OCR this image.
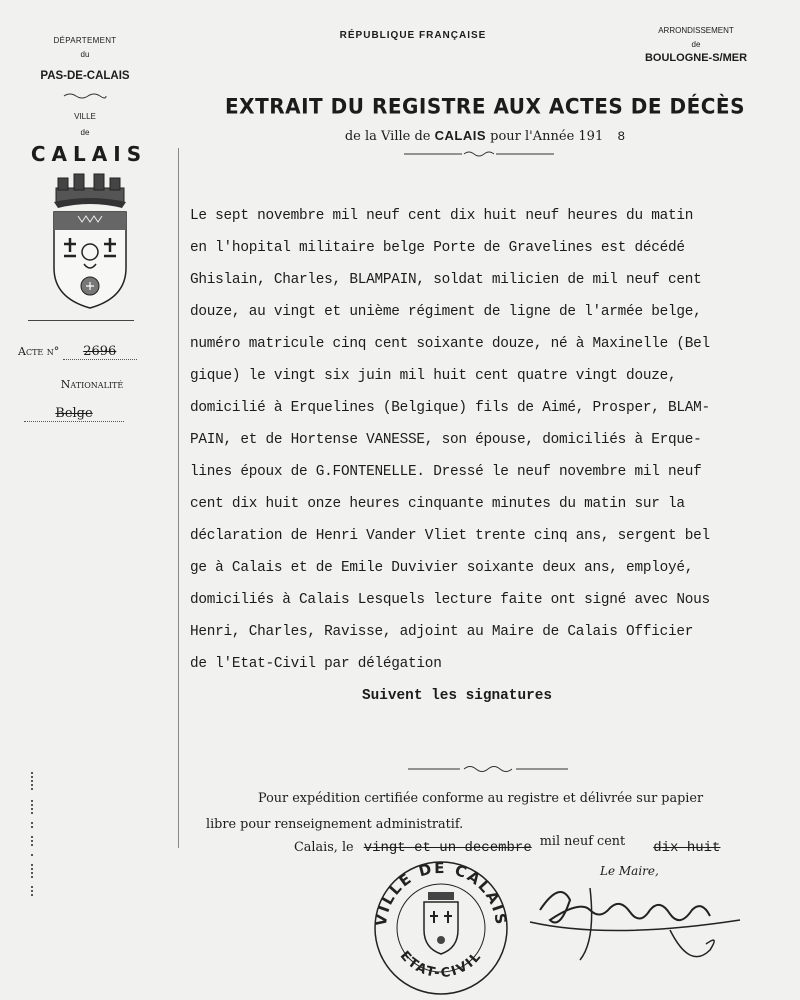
DÉPARTEMENT
du
PAS-DE-CALAIS
VILLE
de
CALAIS
Acte n° 2696
Nationalité
Belge
RÉPUBLIQUE FRANÇAISE	ARRONDISSEMENT
de
BOULOGNE-S/MER
EXTRAIT DU REGISTRE AUX ACTES DE DÉCÈS
de la Ville de CALAIS pour l'Année 191 8
Le sept novembre mil neuf cent dix huit neuf heures du matin
en l'hopital militaire belge Porte de Gravelines est décédé
Ghislain, Charles, BLAMPAIN, soldat milicien de mil neuf cent
douze, au vingt et unième régiment de ligne de l'armée belge,
numéro matricule cinq cent soixante douze, né à Maxinelle (Bel
gique) le vingt six juin mil huit cent quatre vingt douze,
domicilié à Erquelines (Belgique) fils de Aimé, Prosper, BLAM-
PAIN, et de Hortense VANESSE, son épouse, domiciliés à Erque-
lines époux de G.FONTENELLE. Dressé le neuf novembre mil neuf
cent dix huit onze heures cinquante minutes du matin sur la
déclaration de Henri Vander Vliet trente cinq ans, sergent bel
ge à Calais et de Emile Duvivier soixante deux ans, employé,
domiciliés à Calais Lesquels lecture faite ont signé avec Nous
Henri, Charles, Ravisse, adjoint au Maire de Calais Officier
de l'Etat-Civil par délégation
Suivent les signatures
Pour expédition certifiée conforme au registre et délivrée sur papier
libre pour renseignement administratif.
Calais, le vingt et un decembre mil neuf cent dix huit
Le Maire,
VILLE DE CALAIS
ETAT-CIVIL
